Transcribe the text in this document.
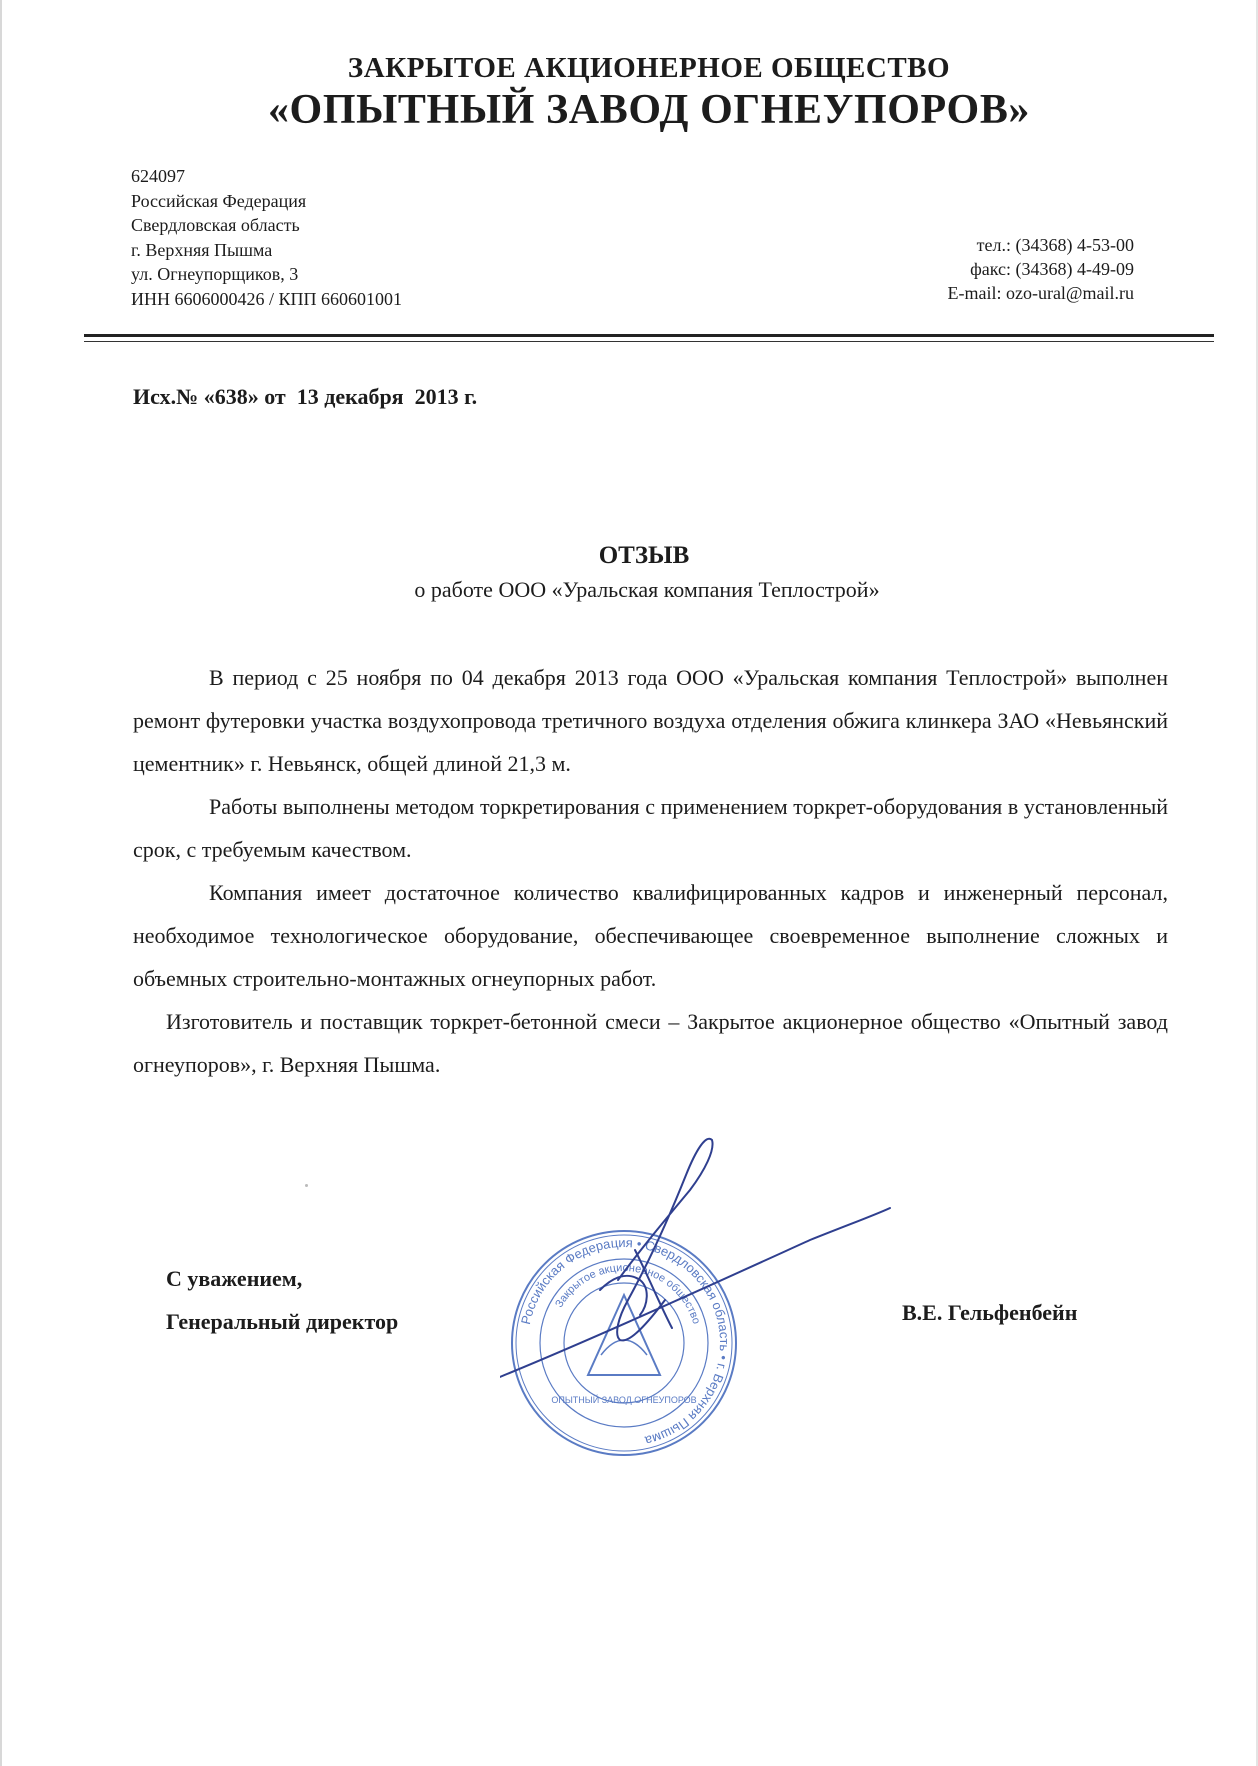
ЗАКРЫТОЕ АКЦИОНЕРНОЕ ОБЩЕСТВО
«ОПЫТНЫЙ ЗАВОД ОГНЕУПОРОВ»
624097
Российская Федерация
Свердловская область
г. Верхняя Пышма
ул. Огнеупорщиков, 3
ИНН 6606000426 / КПП 660601001
тел.: (34368) 4-53-00
факс: (34368) 4-49-09
E-mail: ozo-ural@mail.ru
Исх.№ «638» от  13 декабря  2013 г.
ОТЗЫВ
о работе ООО «Уральская компания Теплострой»

В период с 25 ноября по 04 декабря 2013 года ООО «Уральская компания Теплострой» выполнен ремонт футеровки участка воздухопровода третичного воздуха отделения обжига клинкера ЗАО «Невьянский цементник» г. Невьянск, общей длиной 21,3 м.

Работы выполнены методом торкретирования с применением торкрет-оборудования в установленный срок, с требуемым качеством.

Компания имеет достаточное количество квалифицированных кадров и инженерный персонал, необходимое технологическое оборудование, обеспечивающее своевременное выполнение сложных и объемных строительно-монтажных огнеупорных работ.

Изготовитель и поставщик торкрет-бетонной смеси – Закрытое акционерное общество «Опытный завод огнеупоров», г. Верхняя Пышма.

С уважением,
Генеральный директор	В.Е. Гельфенбейн
Российская Федерация • Свердловская область • г. Верхняя Пышма
Закрытое акционерное общество
ОПЫТНЫЙ ЗАВОД ОГНЕУПОРОВ
